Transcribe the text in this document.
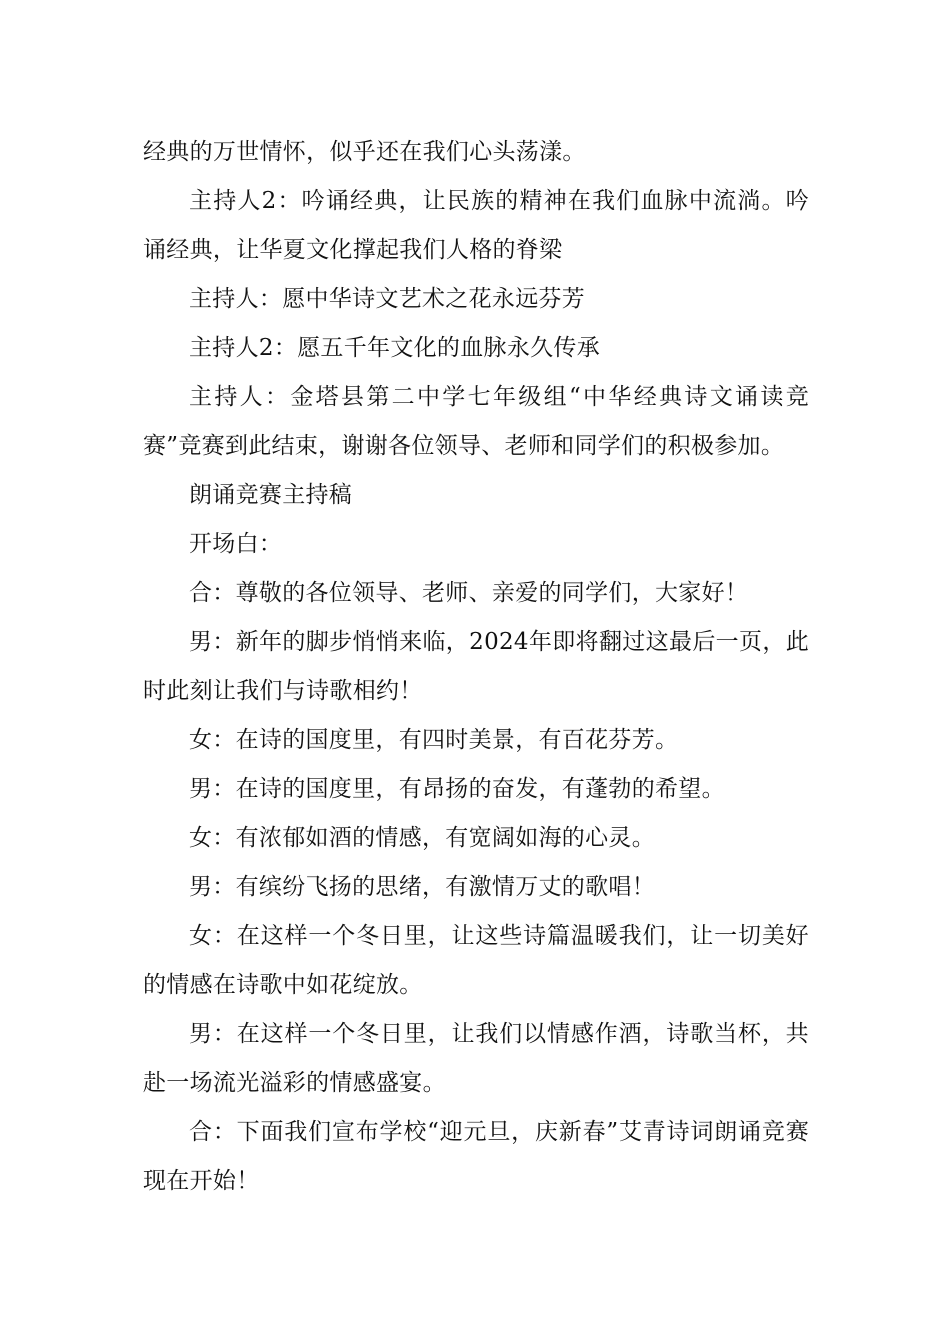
经典的万世情怀，似乎还在我们心头荡漾。

主持人2：吟诵经典，让民族的精神在我们血脉中流淌。吟诵经典，让华夏文化撑起我们人格的脊梁

主持人：愿中华诗文艺术之花永远芬芳

主持人2：愿五千年文化的血脉永久传承

主持人：金塔县第二中学七年级组“中华经典诗文诵读竞赛”竞赛到此结束，谢谢各位领导、老师和同学们的积极参加。

朗诵竞赛主持稿

开场白：

合：尊敬的各位领导、老师、亲爱的同学们，大家好！

男：新年的脚步悄悄来临，2024年即将翻过这最后一页，此时此刻让我们与诗歌相约！

女：在诗的国度里，有四时美景，有百花芬芳。

男：在诗的国度里，有昂扬的奋发，有蓬勃的希望。

女：有浓郁如酒的情感，有宽阔如海的心灵。

男：有缤纷飞扬的思绪，有激情万丈的歌唱！

女：在这样一个冬日里，让这些诗篇温暖我们，让一切美好的情感在诗歌中如花绽放。

男：在这样一个冬日里，让我们以情感作酒，诗歌当杯，共赴一场流光溢彩的情感盛宴。

合：下面我们宣布学校“迎元旦，庆新春”艾青诗词朗诵竞赛现在开始！
